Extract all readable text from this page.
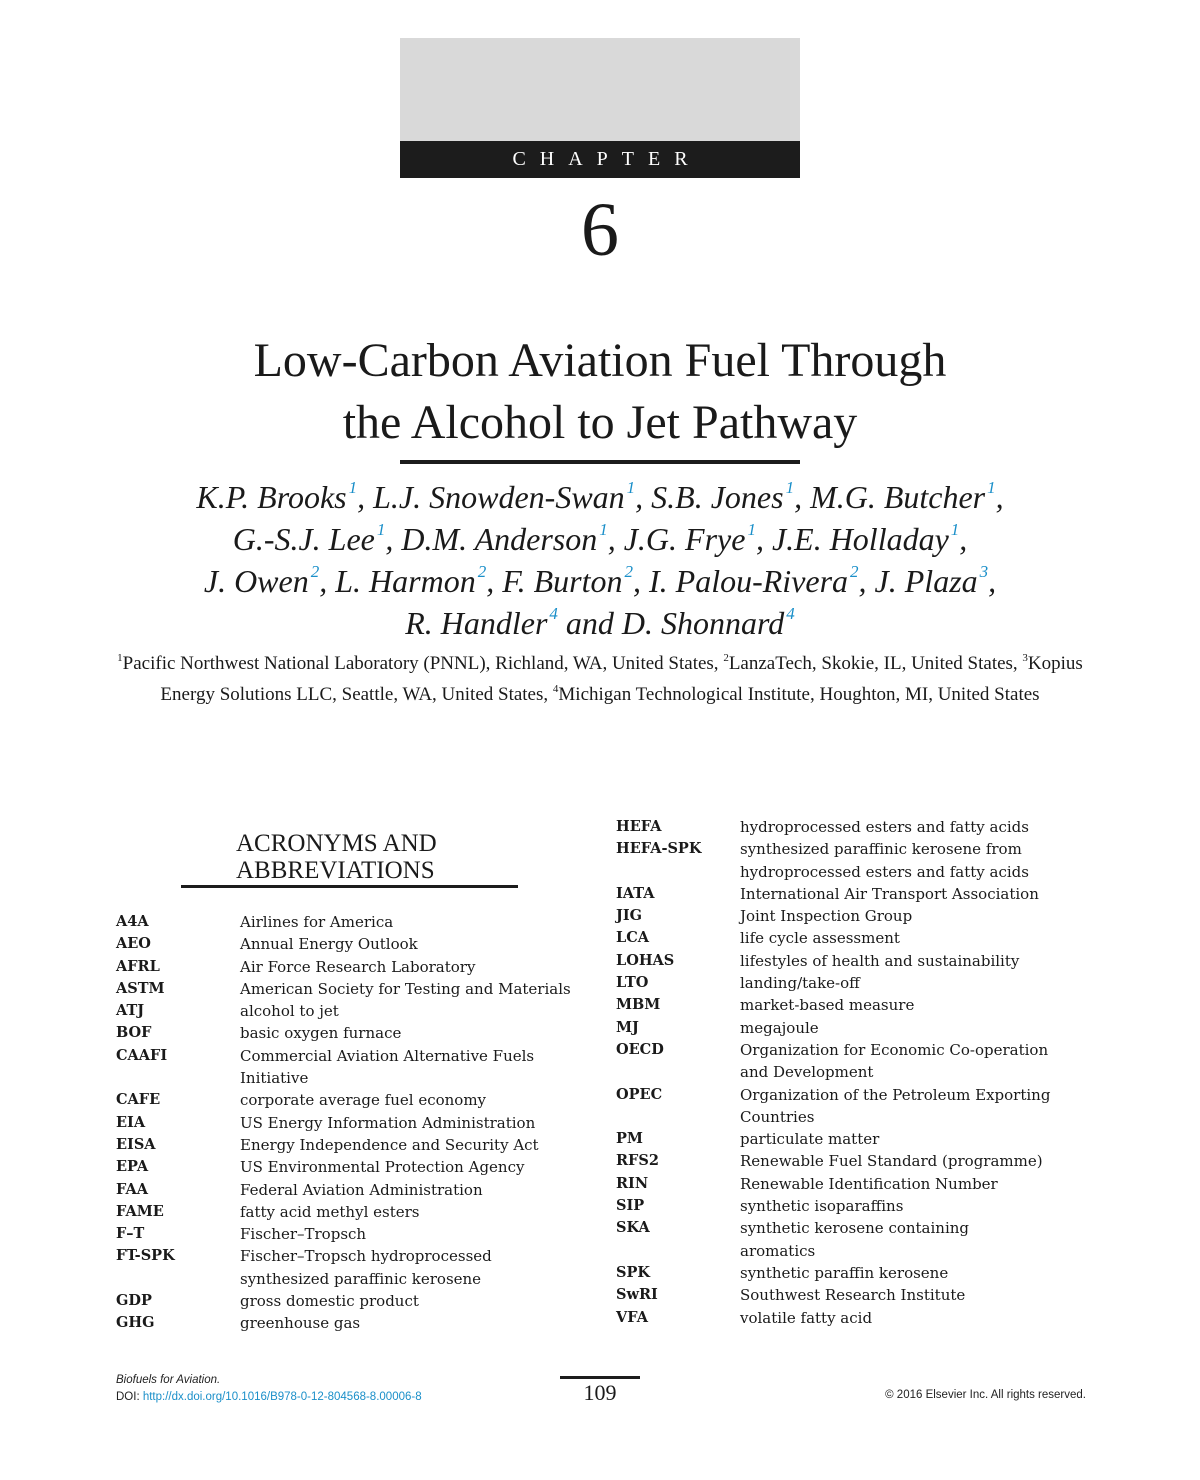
CHAPTER
6
Low-Carbon Aviation Fuel Through
the Alcohol to Jet Pathway
K.P. Brooks $^1$, L.J. Snowden-Swan $^1$, S.B. Jones $^1$, M.G. Butcher $^1$,
G.-S.J. Lee $^1$, D.M. Anderson $^1$, J.G. Frye $^1$, J.E. Holladay $^1$,
J. Owen $^2$, L. Harmon $^2$, F. Burton $^2$, I. Palou-Rivera $^2$, J. Plaza $^3$,
R. Handler $^4$ and D. Shonnard $^4$
$^1$Pacific Northwest National Laboratory (PNNL), Richland, WA, United States, $^2$LanzaTech, Skokie, IL, United States, $^3$Kopius Energy Solutions LLC, Seattle, WA, United States, $^4$Michigan Technological Institute, Houghton, MI, United States
ACRONYMS AND
ABBREVIATIONS
A4A	Airlines for America
AEO	Annual Energy Outlook
AFRL	Air Force Research Laboratory
ASTM	American Society for Testing and Materials
ATJ	alcohol to jet
BOF	basic oxygen furnace
CAAFI	Commercial Aviation Alternative Fuels
Initiative
CAFE	corporate average fuel economy
EIA	US Energy Information Administration
EISA	Energy Independence and Security Act
EPA	US Environmental Protection Agency
FAA	Federal Aviation Administration
FAME	fatty acid methyl esters
F–T	Fischer–Tropsch
FT-SPK	Fischer–Tropsch hydroprocessed
synthesized paraffinic kerosene
GDP	gross domestic product
GHG	greenhouse gas
HEFA	hydroprocessed esters and fatty acids
HEFA-SPK	synthesized paraffinic kerosene from
hydroprocessed esters and fatty acids
IATA	International Air Transport Association
JIG	Joint Inspection Group
LCA	life cycle assessment
LOHAS	lifestyles of health and sustainability
LTO	landing/take-off
MBM	market-based measure
MJ	megajoule
OECD	Organization for Economic Co-operation
and Development
OPEC	Organization of the Petroleum Exporting
Countries
PM	particulate matter
RFS2	Renewable Fuel Standard (programme)
RIN	Renewable Identification Number
SIP	synthetic isoparaffins
SKA	synthetic kerosene containing
aromatics
SPK	synthetic paraffin kerosene
SwRI	Southwest Research Institute
VFA	volatile fatty acid
Biofuels for Aviation.
DOI: http://dx.doi.org/10.1016/B978-0-12-804568-8.00006-8	109	© 2016 Elsevier Inc. All rights reserved.
